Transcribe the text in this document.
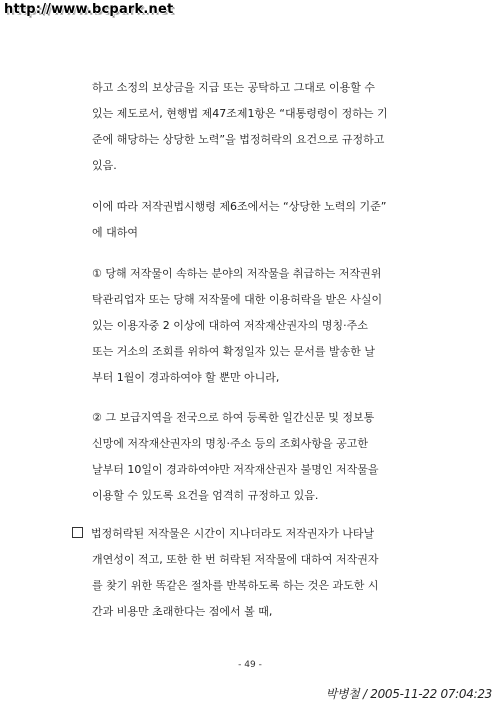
http://www.bcpark.net
하고 소정의 보상금을 지급 또는 공탁하고 그대로 이용할 수
있는 제도로서, 현행법 제47조제1항은 “대통령령이 정하는 기
준에 해당하는 상당한 노력”을 법정허락의 요건으로 규정하고
있음.
이에 따라 저작권법시행령 제6조에서는 “상당한 노력의 기준”
에 대하여
① 당해 저작물이 속하는 분야의 저작물을 취급하는 저작권위
탁관리업자 또는 당해 저작물에 대한 이용허락을 받은 사실이
있는 이용자중 2 이상에 대하여 저작재산권자의 명칭·주소
또는 거소의 조회를 위하여 확정일자 있는 문서를 발송한 날
부터 1월이 경과하여야 할 뿐만 아니라,
② 그 보급지역을 전국으로 하여 등록한 일간신문 및 정보통
신망에 저작재산권자의 명칭·주소 등의 조회사항을 공고한
날부터 10일이 경과하여야만 저작재산권자 불명인 저작물을
이용할 수 있도록 요건을 엄격히 규정하고 있음.
법정허락된 저작물은 시간이 지나더라도 저작권자가 나타날
개연성이 적고, 또한 한 번 허락된 저작물에 대하여 저작권자
를 찾기 위한 똑같은 절차를 반복하도록 하는 것은 과도한 시
간과 비용만 초래한다는 점에서 볼 때,
- 49 -
박병철 / 2005-11-22 07:04:23
